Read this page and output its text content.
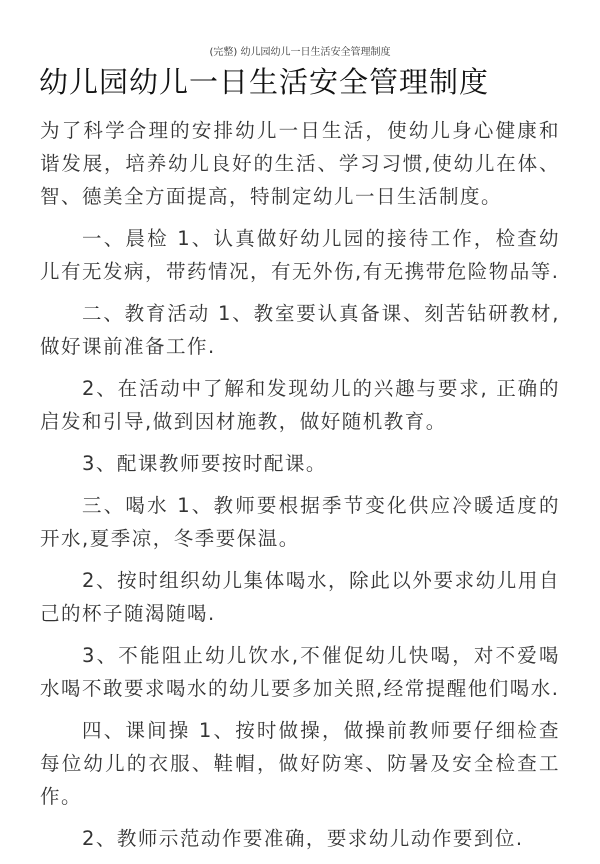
(完整) 幼儿园幼儿一日生活安全管理制度
幼儿园幼儿一日生活安全管理制度

为了科学合理的安排幼儿一日生活，使幼儿身心健康和谐发展，培养幼儿良好的生活、学习习惯,使幼儿在体、智、德美全方面提高，特制定幼儿一日生活制度。

一、晨检 1、认真做好幼儿园的接待工作，检查幼儿有无发病，带药情况，有无外伤,有无携带危险物品等.

二、教育活动 1、教室要认真备课、刻苦钻研教材,做好课前准备工作.

2、在活动中了解和发现幼儿的兴趣与要求, 正确的启发和引导,做到因材施教，做好随机教育。

3、配课教师要按时配课。

三、喝水 1、教师要根据季节变化供应冷暖适度的开水,夏季凉，冬季要保温。

2、按时组织幼儿集体喝水，除此以外要求幼儿用自己的杯子随渴随喝.

3、不能阻止幼儿饮水,不催促幼儿快喝，对不爱喝水喝不敢要求喝水的幼儿要多加关照,经常提醒他们喝水.

四、课间操 1、按时做操，做操前教师要仔细检查每位幼儿的衣服、鞋帽，做好防寒、防暑及安全检查工作。

2、教师示范动作要准确，要求幼儿动作要到位.
